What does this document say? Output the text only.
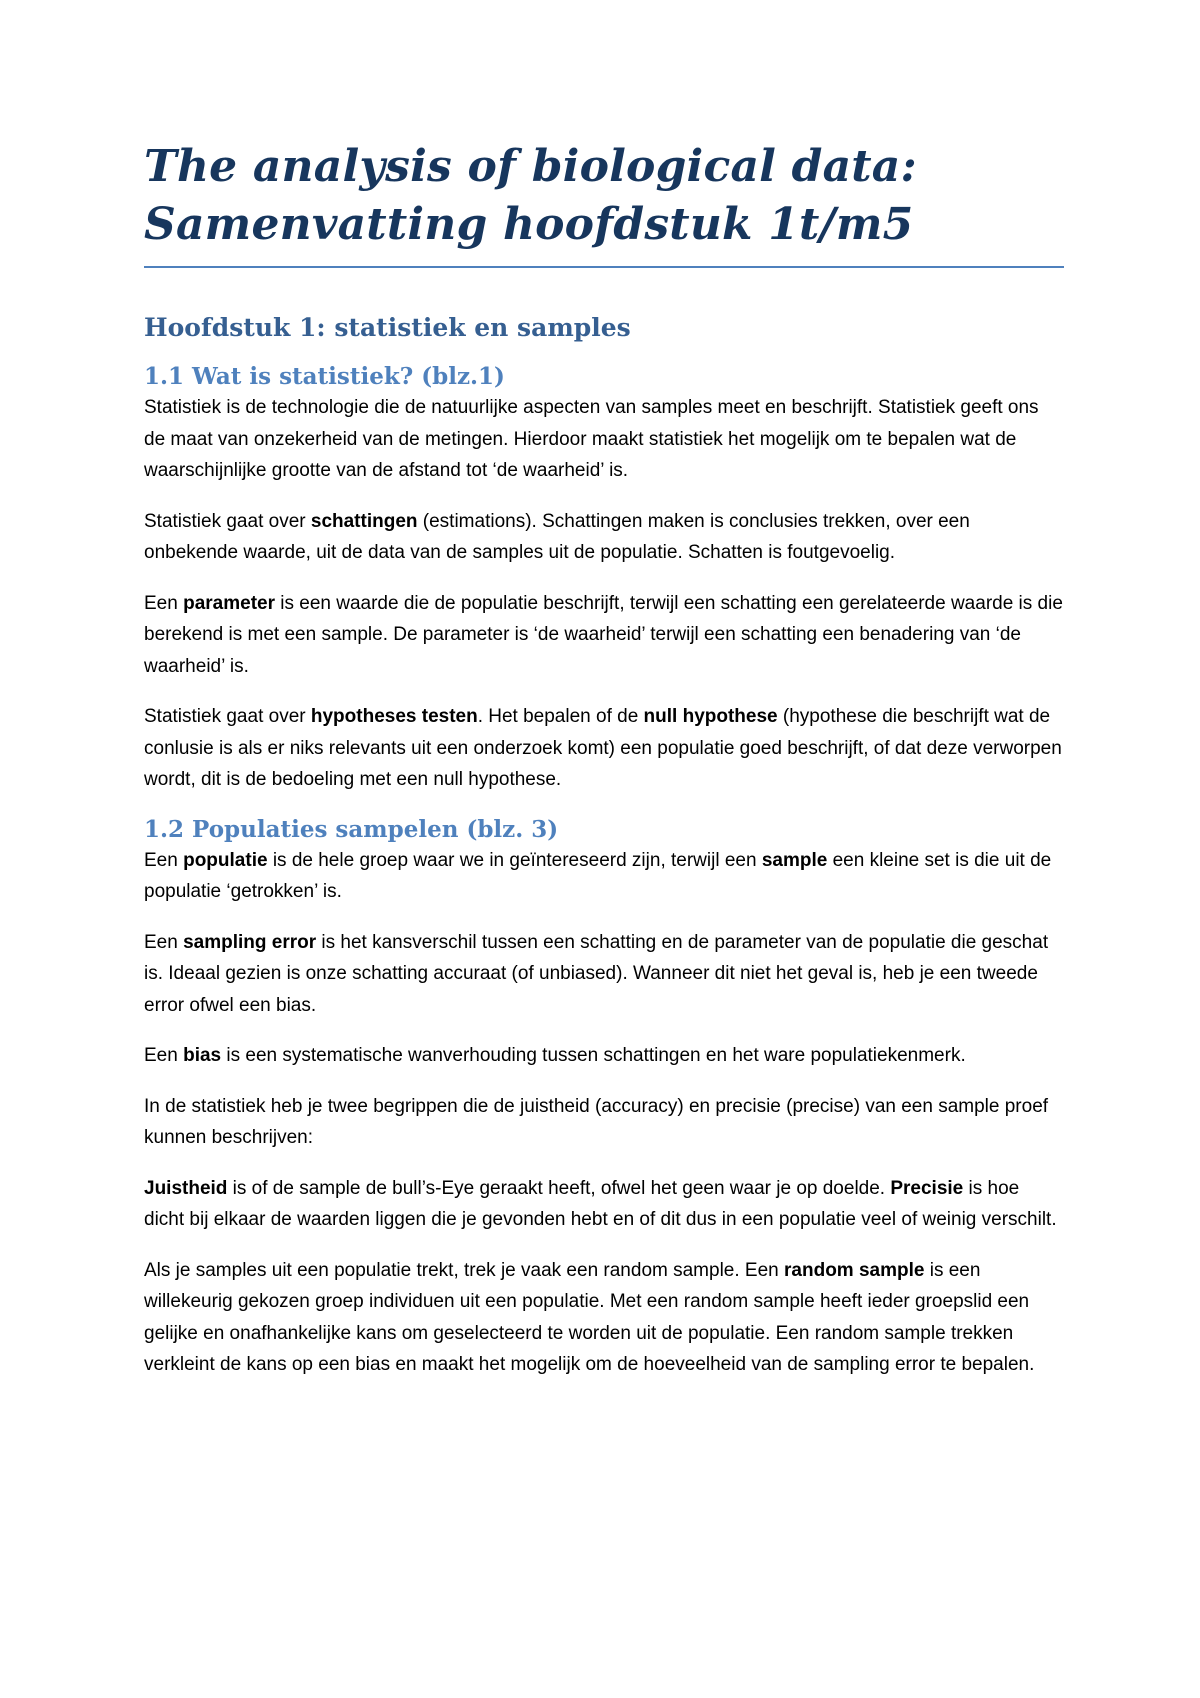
The analysis of biological data:
Samenvatting hoofdstuk 1t/m5
Hoofdstuk 1: statistiek en samples
1.1 Wat is statistiek? (blz.1)

Statistiek is de technologie die de natuurlijke aspecten van samples meet en beschrijft. Statistiek geeft ons de maat van onzekerheid van de metingen. Hierdoor maakt statistiek het mogelijk om te bepalen wat de waarschijnlijke grootte van de afstand tot ‘de waarheid’ is.

Statistiek gaat over schattingen (estimations). Schattingen maken is conclusies trekken, over een onbekende waarde, uit de data van de samples uit de populatie. Schatten is foutgevoelig.

Een parameter is een waarde die de populatie beschrijft, terwijl een schatting een gerelateerde waarde is die berekend is met een sample. De parameter is ‘de waarheid’ terwijl een schatting een benadering van ‘de waarheid’ is.

Statistiek gaat over hypotheses testen. Het bepalen of de null hypothese (hypothese die beschrijft wat de conlusie is als er niks relevants uit een onderzoek komt) een populatie goed beschrijft, of dat deze verworpen wordt, dit is de bedoeling met een null hypothese.

1.2 Populaties sampelen (blz. 3)

Een populatie is de hele groep waar we in geïntereseerd zijn, terwijl een sample een kleine set is die uit de populatie ‘getrokken’ is.

Een sampling error is het kansverschil tussen een schatting en de parameter van de populatie die geschat is. Ideaal gezien is onze schatting accuraat (of unbiased). Wanneer dit niet het geval is, heb je een tweede error ofwel een bias.

Een bias is een systematische wanverhouding tussen schattingen en het ware populatiekenmerk.

In de statistiek heb je twee begrippen die de juistheid (accuracy) en precisie (precise) van een sample proef kunnen beschrijven:

Juistheid is of de sample de bull’s-Eye geraakt heeft, ofwel het geen waar je op doelde. Precisie is hoe dicht bij elkaar de waarden liggen die je gevonden hebt en of dit dus in een populatie veel of weinig verschilt.

Als je samples uit een populatie trekt, trek je vaak een random sample. Een random sample is een willekeurig gekozen groep individuen uit een populatie. Met een random sample heeft ieder groepslid een gelijke en onafhankelijke kans om geselecteerd te worden uit de populatie. Een random sample trekken verkleint de kans op een bias en maakt het mogelijk om de hoeveelheid van de sampling error te bepalen.
